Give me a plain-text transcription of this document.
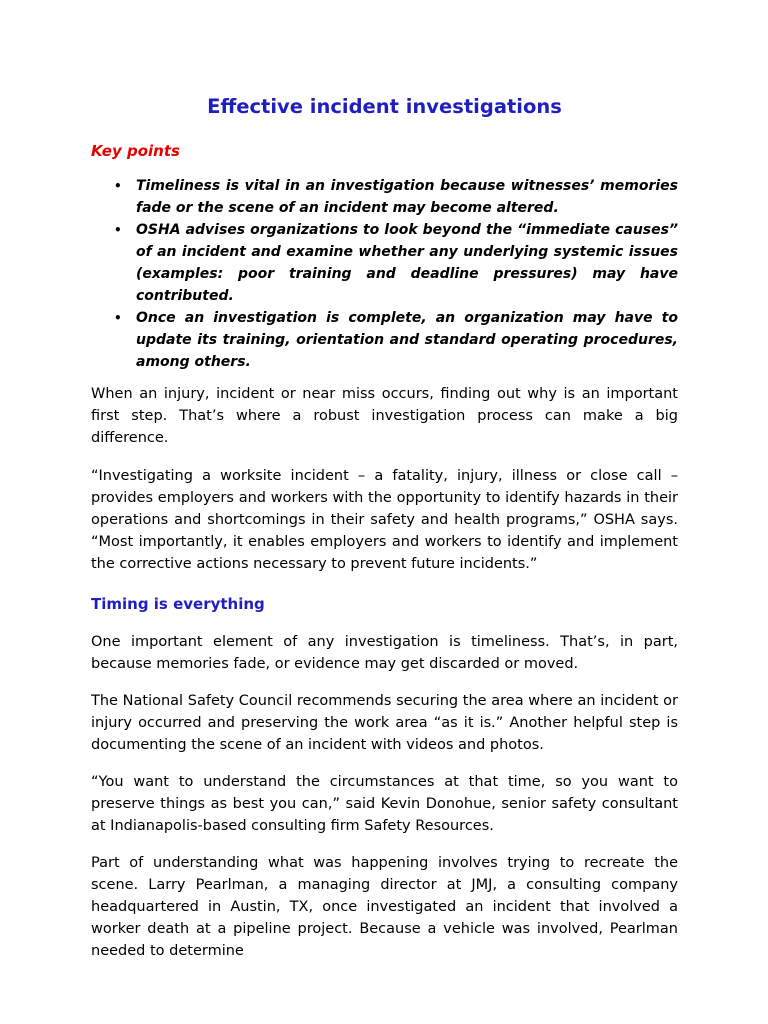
Effective incident investigations
Key points
• Timeliness is vital in an investigation because witnesses’ memories fade or the scene of an incident may become altered.
• OSHA advises organizations to look beyond the “immediate causes” of an incident and examine whether any underlying systemic issues (examples: poor training and deadline pressures) may have contributed.
• Once an investigation is complete, an organization may have to update its training, orientation and standard operating procedures, among others.

When an injury, incident or near miss occurs, finding out why is an important first step. That’s where a robust investigation process can make a big difference.

“Investigating a worksite incident – a fatality, injury, illness or close call – provides employers and workers with the opportunity to identify hazards in their operations and shortcomings in their safety and health programs,” OSHA says. “Most importantly, it enables employers and workers to identify and implement the corrective actions necessary to prevent future incidents.”

Timing is everything

One important element of any investigation is timeliness. That’s, in part, because memories fade, or evidence may get discarded or moved.

The National Safety Council recommends securing the area where an incident or injury occurred and preserving the work area “as it is.” Another helpful step is documenting the scene of an incident with videos and photos.

“You want to understand the circumstances at that time, so you want to preserve things as best you can,” said Kevin Donohue, senior safety consultant at Indianapolis-based consulting firm Safety Resources.

Part of understanding what was happening involves trying to recreate the scene. Larry Pearlman, a managing director at JMJ, a consulting company headquartered in Austin, TX, once investigated an incident that involved a worker death at a pipeline project. Because a vehicle was involved, Pearlman needed to determine
